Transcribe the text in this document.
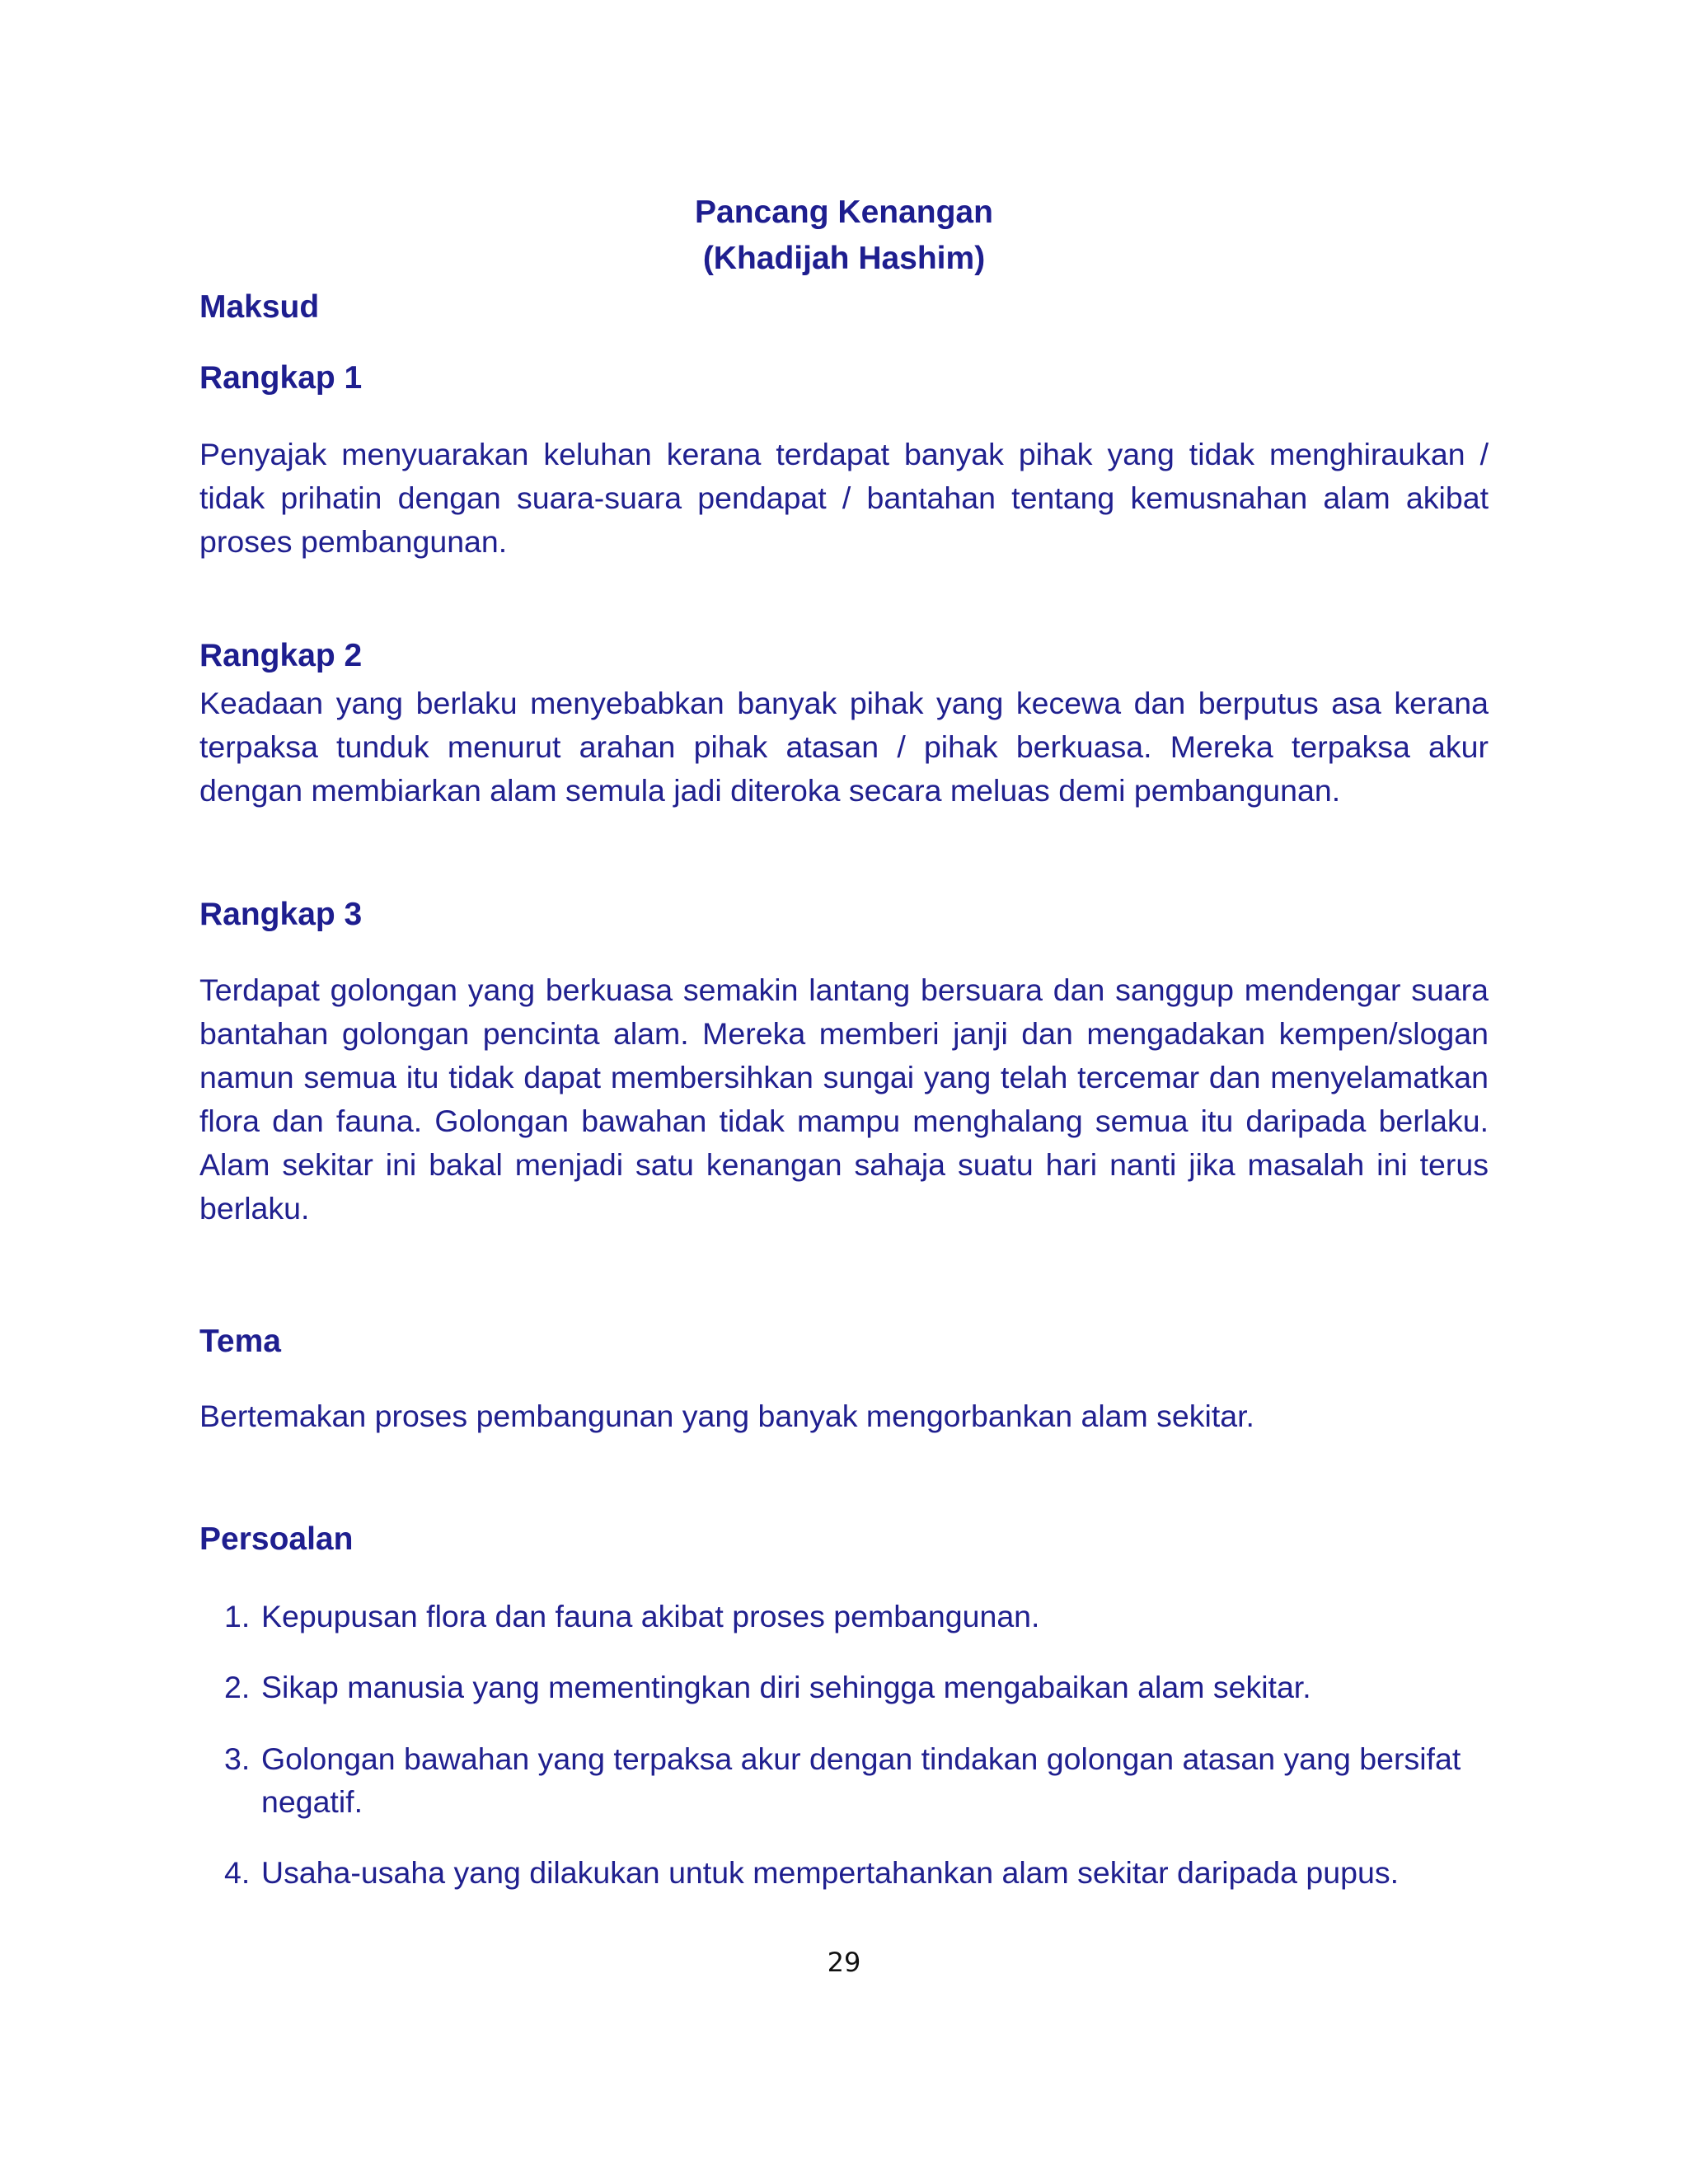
Pancang Kenangan
(Khadijah Hashim)
Maksud
Rangkap 1
Penyajak menyuarakan keluhan kerana terdapat banyak pihak yang tidak menghiraukan / tidak prihatin dengan suara-suara pendapat / bantahan tentang kemusnahan alam akibat proses pembangunan.
Rangkap 2
Keadaan yang berlaku menyebabkan banyak pihak yang kecewa dan berputus asa kerana terpaksa tunduk menurut arahan pihak atasan / pihak berkuasa. Mereka terpaksa akur dengan membiarkan alam semula jadi diteroka secara meluas demi pembangunan.
Rangkap 3
Terdapat golongan yang berkuasa semakin lantang bersuara dan sanggup mendengar suara bantahan golongan pencinta alam. Mereka memberi janji dan mengadakan kempen/slogan namun semua itu tidak dapat membersihkan sungai yang telah tercemar dan menyelamatkan flora dan fauna. Golongan bawahan tidak mampu menghalang semua itu daripada berlaku. Alam sekitar ini bakal menjadi satu kenangan sahaja suatu hari nanti jika masalah ini terus berlaku.
Tema
Bertemakan proses pembangunan yang banyak mengorbankan alam sekitar.
Persoalan
1. Kepupusan flora dan fauna akibat proses pembangunan.
2. Sikap manusia yang mementingkan diri sehingga mengabaikan alam sekitar.
3. Golongan bawahan yang terpaksa akur dengan tindakan golongan atasan yang bersifat negatif.
4. Usaha-usaha yang dilakukan untuk mempertahankan alam sekitar daripada pupus.
29
